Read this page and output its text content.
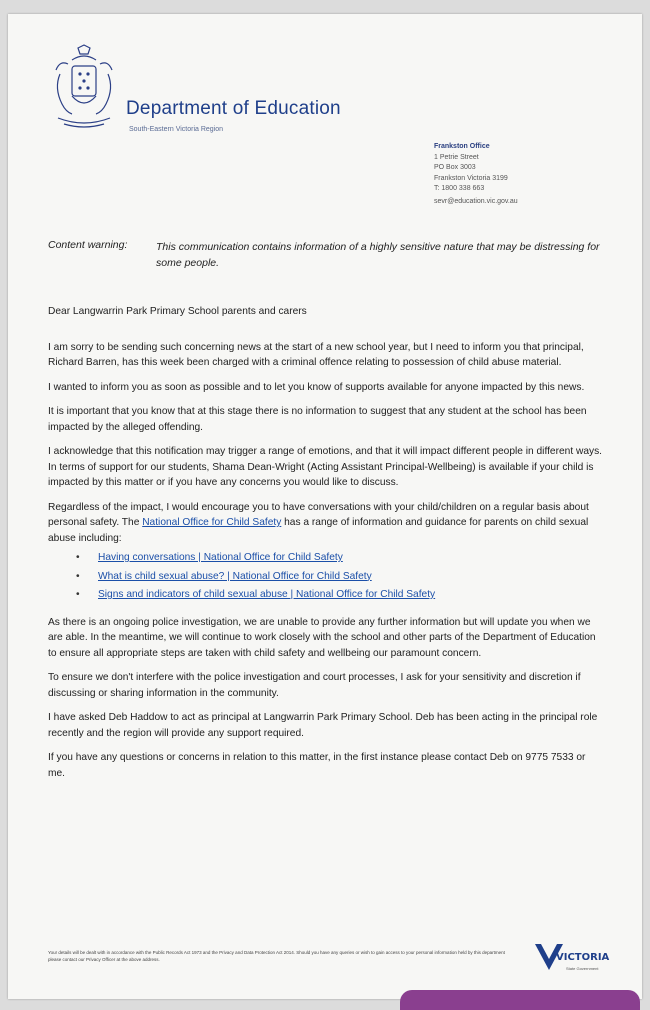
Department of Education
South-Eastern Victoria Region
Frankston Office
1 Petrie Street
PO Box 3003
Frankston Victoria 3199
T: 1800 338 663
sevr@education.vic.gov.au
Content warning:	This communication contains information of a highly sensitive nature that may be distressing for some people.

Dear Langwarrin Park Primary School parents and carers

I am sorry to be sending such concerning news at the start of a new school year, but I need to inform you that principal, Richard Barren, has this week been charged with a criminal offence relating to possession of child abuse material.

I wanted to inform you as soon as possible and to let you know of supports available for anyone impacted by this news.

It is important that you know that at this stage there is no information to suggest that any student at the school has been impacted by the alleged offending.

I acknowledge that this notification may trigger a range of emotions, and that it will impact different people in different ways. In terms of support for our students, Shama Dean-Wright (Acting Assistant Principal-Wellbeing) is available if your child is impacted by this matter or if you have any concerns you would like to discuss.

Regardless of the impact, I would encourage you to have conversations with your child/children on a regular basis about personal safety. The National Office for Child Safety has a range of information and guidance for parents on child sexual abuse including:

• Having conversations | National Office for Child Safety
• What is child sexual abuse? | National Office for Child Safety
• Signs and indicators of child sexual abuse | National Office for Child Safety

As there is an ongoing police investigation, we are unable to provide any further information but will update you when we are able. In the meantime, we will continue to work closely with the school and other parts of the Department of Education to ensure all appropriate steps are taken with child safety and wellbeing our paramount concern.

To ensure we don't interfere with the police investigation and court processes, I ask for your sensitivity and discretion if discussing or sharing information in the community.

I have asked Deb Haddow to act as principal at Langwarrin Park Primary School. Deb has been acting in the principal role recently and the region will provide any support required.

If you have any questions or concerns in relation to this matter, in the first instance please contact Deb on 9775 7533 or me.

Your details will be dealt with in accordance with the Public Records Act 1973 and the Privacy and Data Protection Act 2014. Should you have any queries or wish to gain access to your personal information held by this department please contact our Privacy Officer at the above address.	VICTORIA
State Government
